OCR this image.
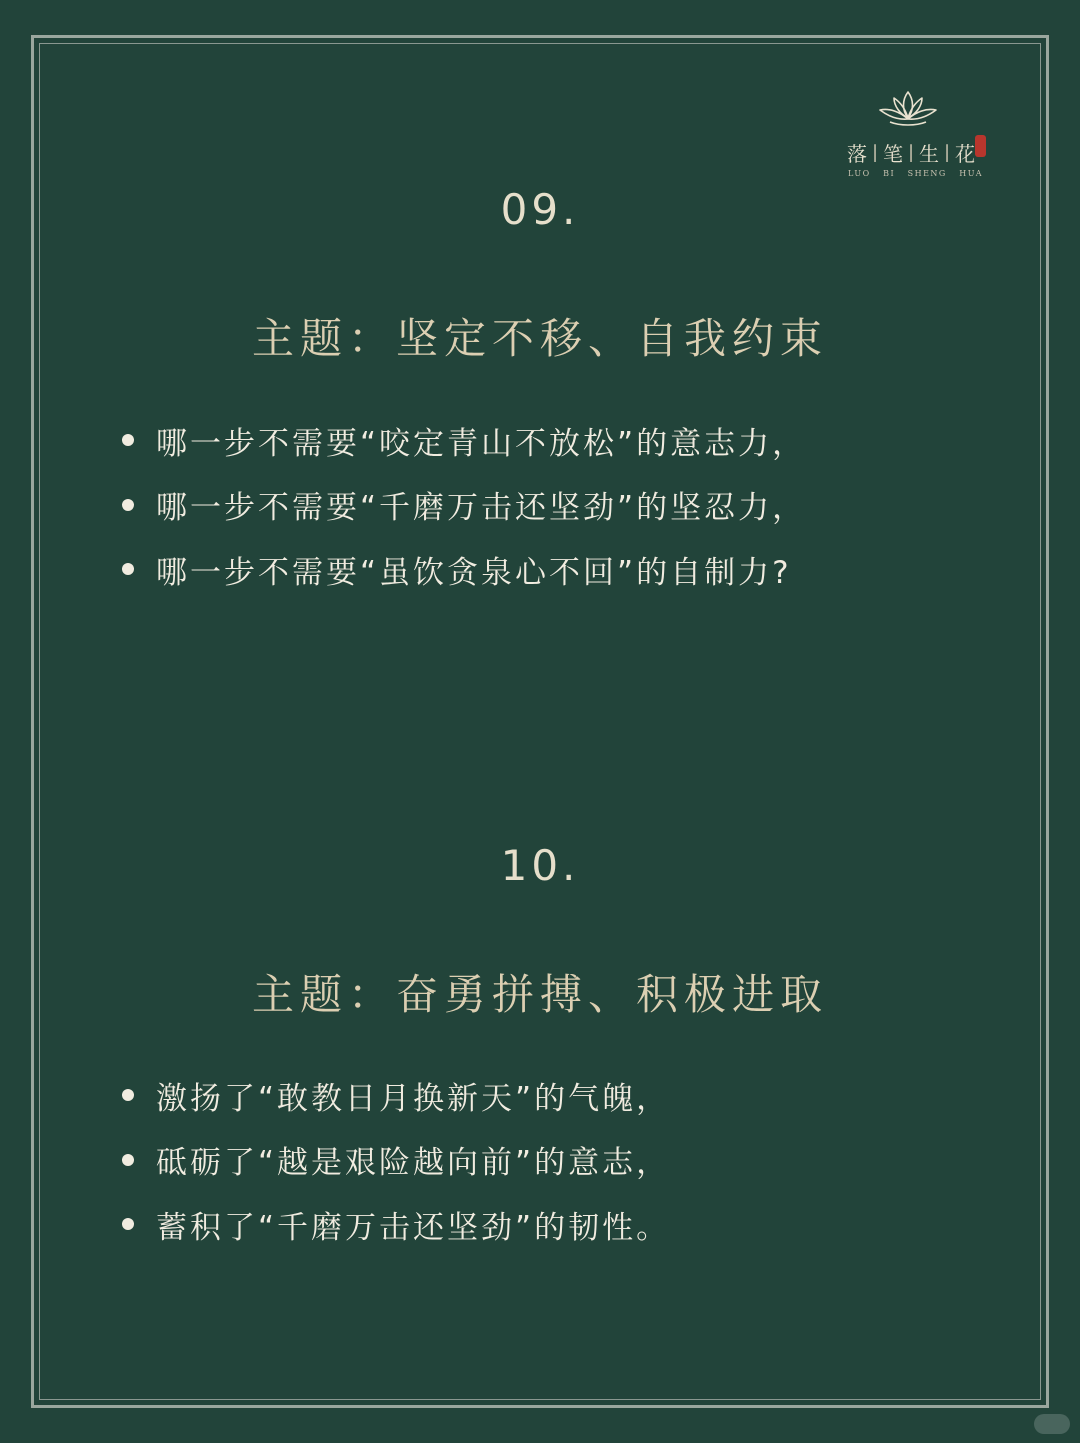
落 | 笔 | 生 | 花
LUO BI SHENG HUA
09.
主题：坚定不移、自我约束
哪一步不需要“咬定青山不放松”的意志力，
哪一步不需要“千磨万击还坚劲”的坚忍力，
哪一步不需要“虽饮贪泉心不回”的自制力?
10.
主题：奋勇拼搏、积极进取
激扬了“敢教日月换新天”的气魄，
砥砺了“越是艰险越向前”的意志，
蓄积了“千磨万击还坚劲”的韧性。
